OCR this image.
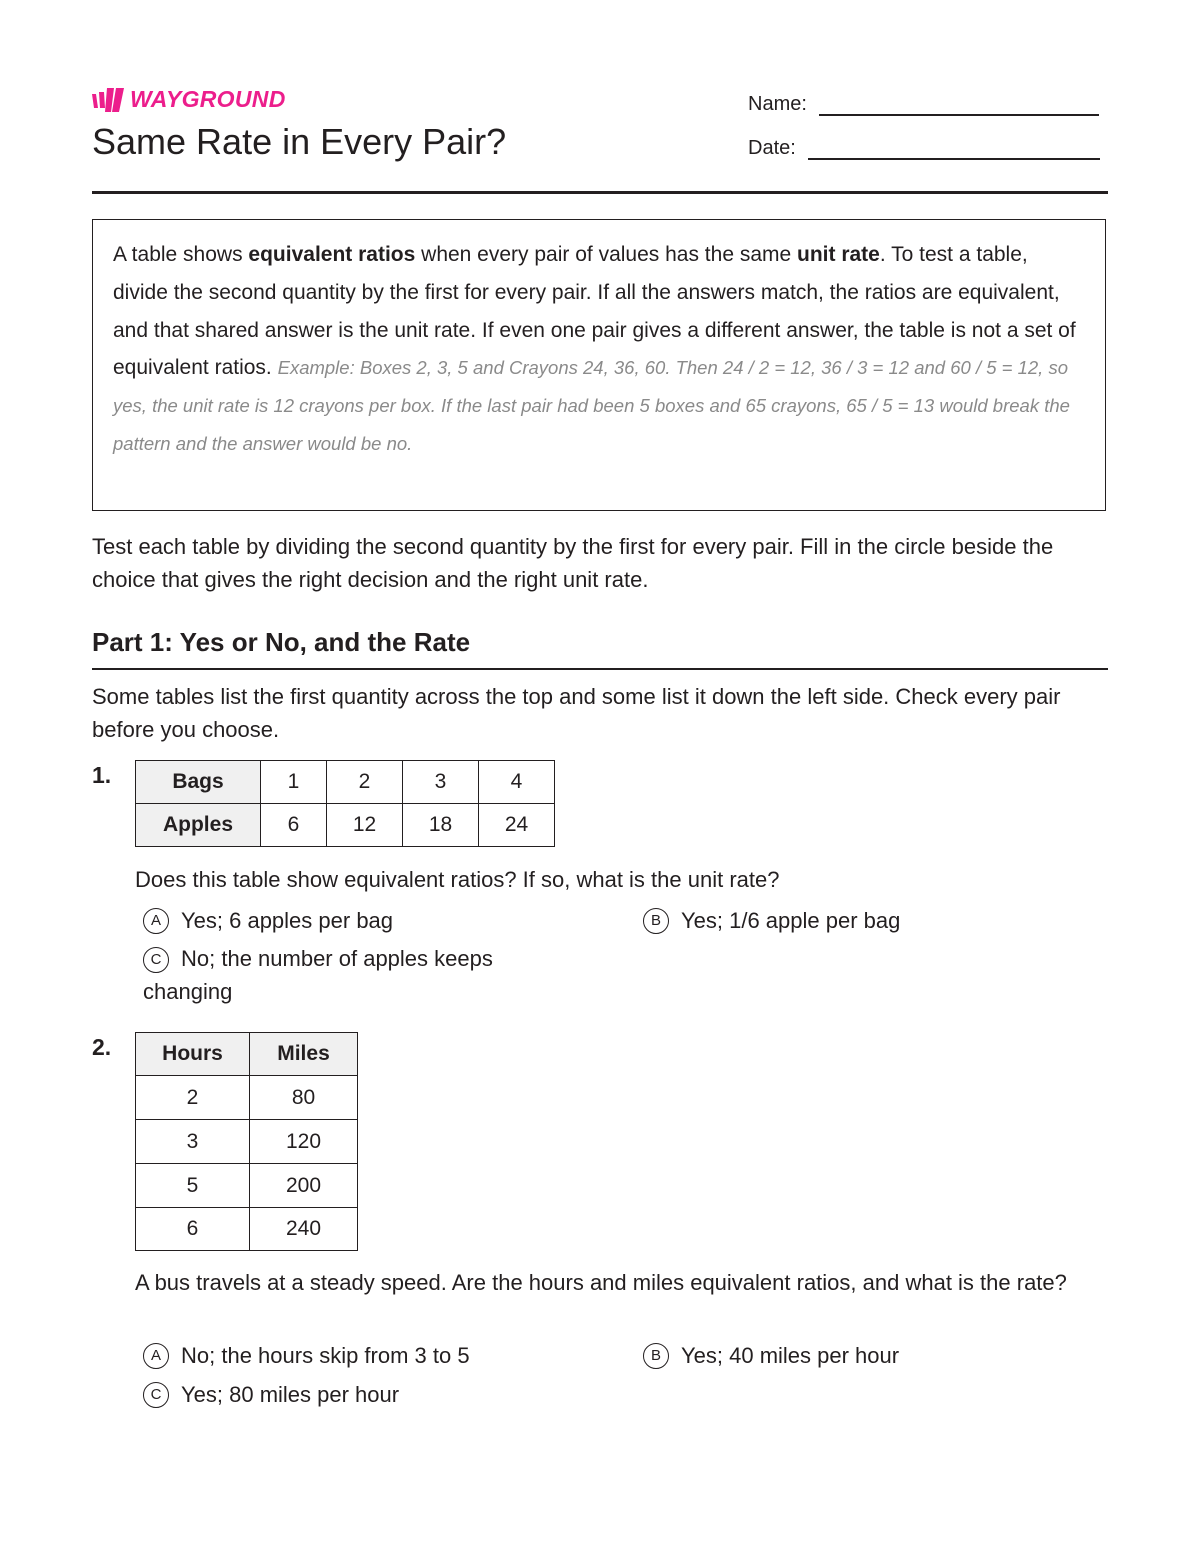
WAYGROUND
Same Rate in Every Pair?
Name:
Date:
A table shows equivalent ratios when every pair of values has the same unit rate. To test a table, divide the second quantity by the first for every pair. If all the answers match, the ratios are equivalent, and that shared answer is the unit rate. If even one pair gives a different answer, the table is not a set of equivalent ratios. Example: Boxes 2, 3, 5 and Crayons 24, 36, 60. Then 24 / 2 = 12, 36 / 3 = 12 and 60 / 5 = 12, so yes, the unit rate is 12 crayons per box. If the last pair had been 5 boxes and 65 crayons, 65 / 5 = 13 would break the pattern and the answer would be no.
Test each table by dividing the second quantity by the first for every pair. Fill in the circle beside the choice that gives the right decision and the right unit rate.
Part 1: Yes or No, and the Rate
Some tables list the first quantity across the top and some list it down the left side. Check every pair before you choose.
1.	Bags	1	2	3	4
Apples	6	12	18	24
Does this table show equivalent ratios? If so, what is the unit rate?
A Yes; 6 apples per bag	B Yes; 1/6 apple per bag
C No; the number of apples keeps changing
2. Hours	Miles
2	80
3	120
5	200
6	240
A bus travels at a steady speed. Are the hours and miles equivalent ratios, and what is the rate?
A No; the hours skip from 3 to 5	B Yes; 40 miles per hour
C Yes; 80 miles per hour
